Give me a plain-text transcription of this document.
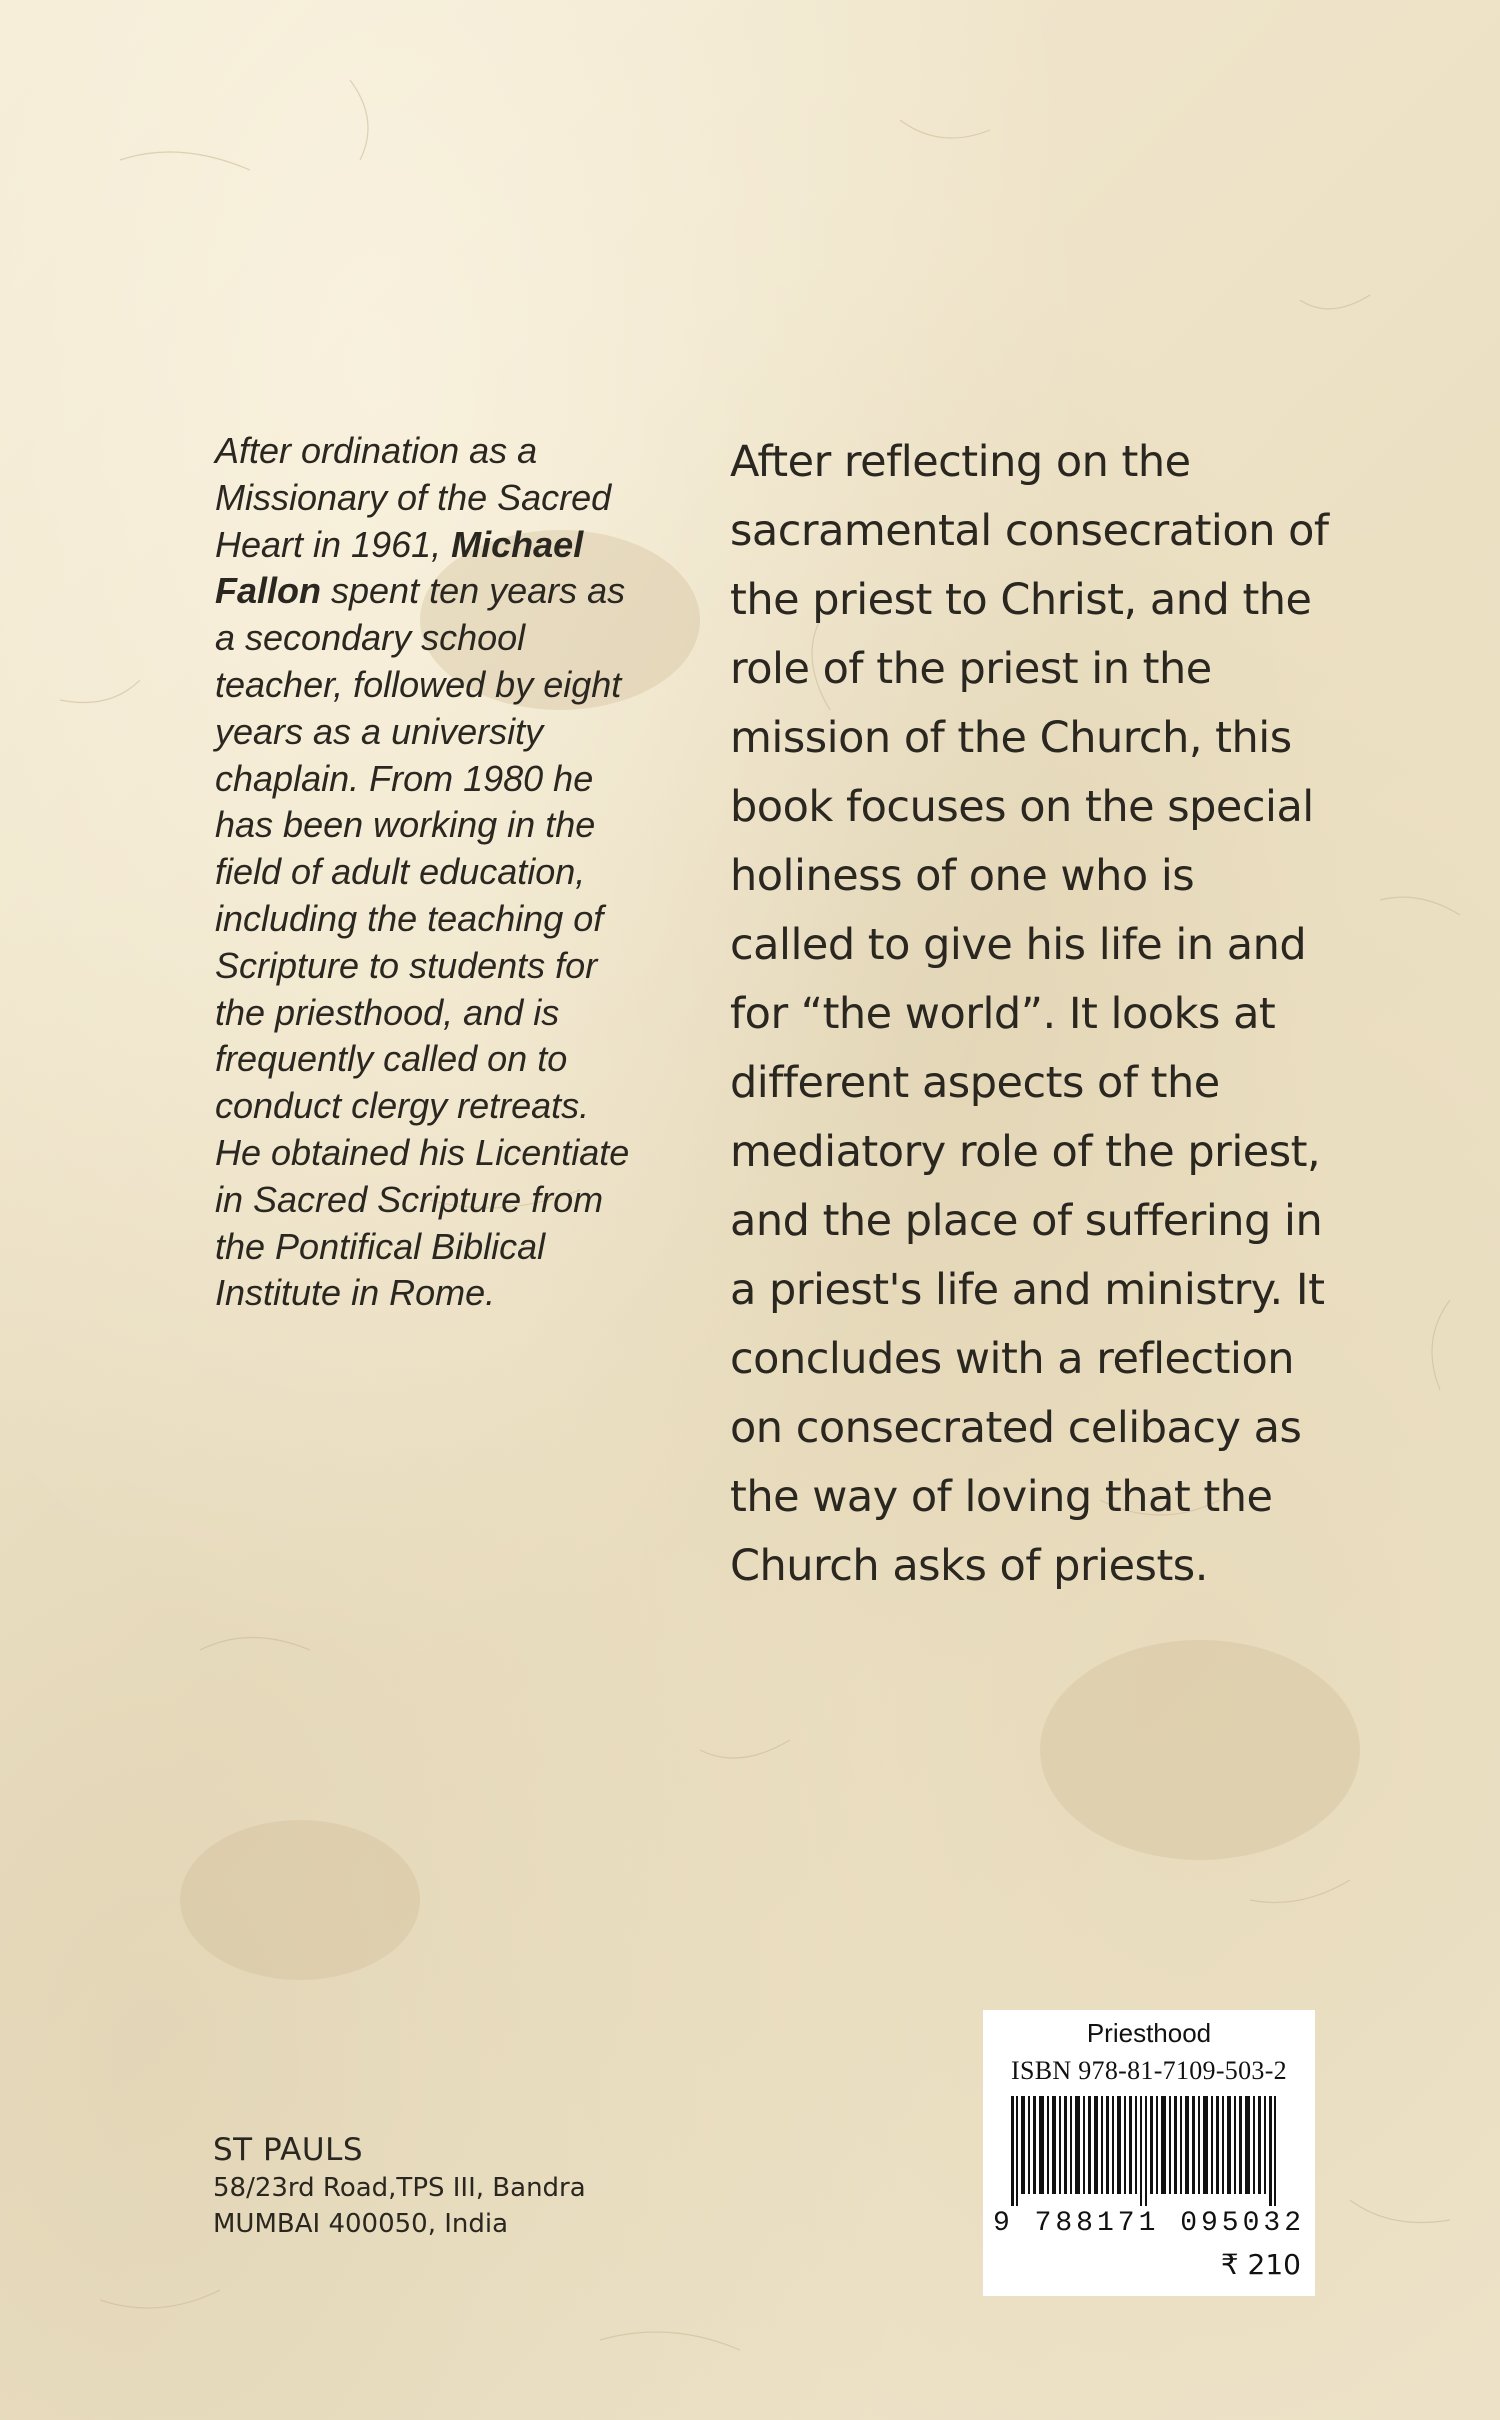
After ordination as a Missionary of the Sacred Heart in 1961, Michael Fallon spent ten years as a secondary school teacher, followed by eight years as a university chaplain. From 1980 he has been working in the field of adult education, including the teaching of Scripture to students for the priesthood, and is frequently called on to conduct clergy retreats. He obtained his Licentiate in Sacred Scripture from the Pontifical Biblical Institute in Rome.

After reflecting on the sacramental consecration of the priest to Christ, and the role of the priest in the mission of the Church, this book focuses on the special holiness of one who is called to give his life in and for “the world”. It looks at different aspects of the mediatory role of the priest, and the place of suffering in a priest's life and ministry. It concludes with a reflection on consecrated celibacy as the way of loving that the Church asks of priests.

ST PAULS
58/23rd Road,TPS III, Bandra
MUMBAI 400050, India
Priesthood
ISBN 978-81-7109-503-2
9 788171 095032
₹ 210
